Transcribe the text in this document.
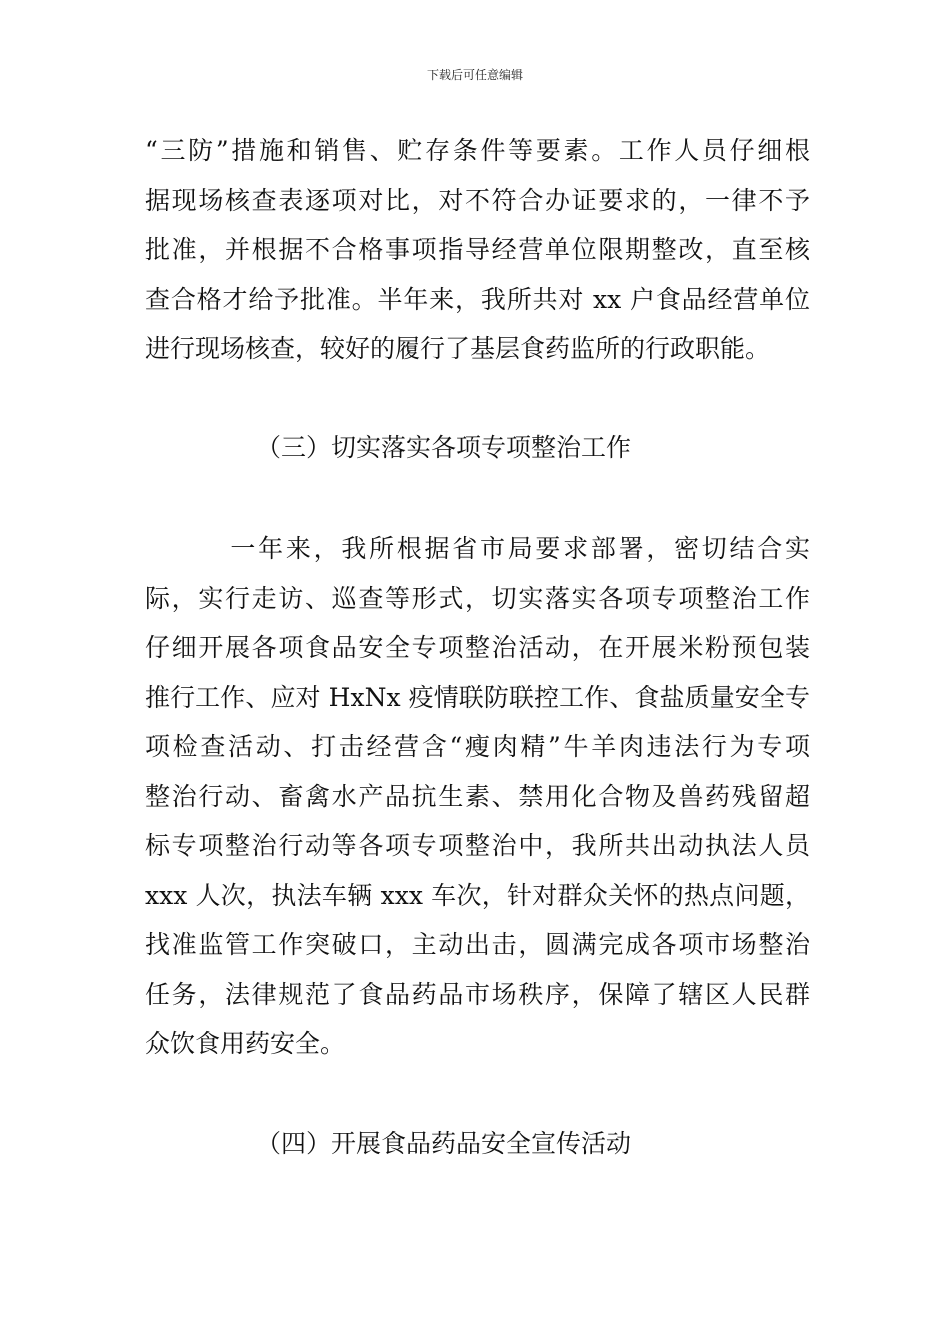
下载后可任意编辑
“三防”措施和销售、贮存条件等要素。工作人员仔细根
据现场核查表逐项对比，对不符合办证要求的，一律不予
批准，并根据不合格事项指导经营单位限期整改，直至核
查合格才给予批准。半年来，我所共对 xx 户食品经营单位
进行现场核查，较好的履行了基层食药监所的行政职能。
（三）切实落实各项专项整治工作
一年来，我所根据省市局要求部署，密切结合实
际，实行走访、巡查等形式，切实落实各项专项整治工作
仔细开展各项食品安全专项整治活动，在开展米粉预包装
推行工作、应对 HxNx 疫情联防联控工作、食盐质量安全专
项检查活动、打击经营含“瘦肉精”牛羊肉违法行为专项
整治行动、畜禽水产品抗生素、禁用化合物及兽药残留超
标专项整治行动等各项专项整治中，我所共出动执法人员
xxx 人次，执法车辆 xxx 车次，针对群众关怀的热点问题，
找准监管工作突破口，主动出击，圆满完成各项市场整治
任务，法律规范了食品药品市场秩序，保障了辖区人民群
众饮食用药安全。
（四）开展食品药品安全宣传活动
